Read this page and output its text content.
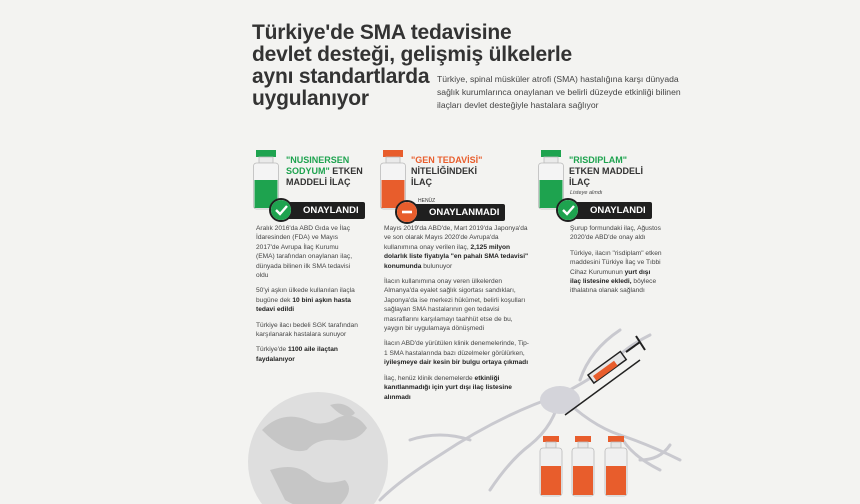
Türkiye'de SMA tedavisine
devlet desteği, gelişmiş ülkelerle
aynı standartlarda
uygulanıyor
Türkiye, spinal müsküler atrofi (SMA) hastalığına karşı dünyada sağlık kurumlarınca onaylanan ve belirli düzeyde etkinliği bilinen ilaçları devlet desteğiyle hastalara sağlıyor
"NUSINERSEN SODYUM" ETKEN MADDELİ İLAÇ
ONAYLANDI
Aralık 2016'da ABD Gıda ve İlaç İdaresinden (FDA) ve Mayıs 2017'de Avrupa İlaç Kurumu (EMA) tarafından onaylanan ilaç, dünyada bilinen ilk SMA tedavisi oldu
50'yi aşkın ülkede kullanılan ilaçla bugüne dek 10 bini aşkın hasta tedavi edildi
Türkiye ilacı bedeli SGK tarafından karşılanarak hastalara sunuyor
Türkiye'de 1100 aile ilaçtan faydalanıyor
"GEN TEDAVİSİ" NİTELİĞİNDEKİ İLAÇ
HENÜZ
ONAYLANMADI
Mayıs 2019'da ABD'de, Mart 2019'da Japonya'da ve son olarak Mayıs 2020'de Avrupa'da kullanımına onay verilen ilaç, 2,125 milyon dolarlık liste fiyatıyla "en pahalı SMA tedavisi" konumunda bulunuyor
İlacın kullanımına onay veren ülkelerden Almanya'da eyalet sağlık sigortası sandıkları, Japonya'da ise merkezi hükümet, belirli koşulları sağlayan SMA hastalarının gen tedavisi masraflarını karşılamayı taahhüt etse de bu, yaygın bir uygulamaya dönüşmedi
İlacın ABD'de yürütülen klinik denemelerinde, Tip-1 SMA hastalarında bazı düzelmeler görülürken, iyileşmeye dair kesin bir bulgu ortaya çıkmadı
İlaç, henüz klinik denemelerde etkinliği kanıtlanmadığı için yurt dışı ilaç listesine alınmadı
"RISDIPLAM" ETKEN MADDELİ İLAÇ
Listeye alındı
ONAYLANDI
Şurup formundaki ilaç, Ağustos 2020'de ABD'de onay aldı
Türkiye, ilacın "risdiplam" etken maddesini Türkiye İlaç ve Tıbbi Cihaz Kurumunun yurt dışı ilaç listesine ekledi, böylece ithalatına olanak sağlandı
